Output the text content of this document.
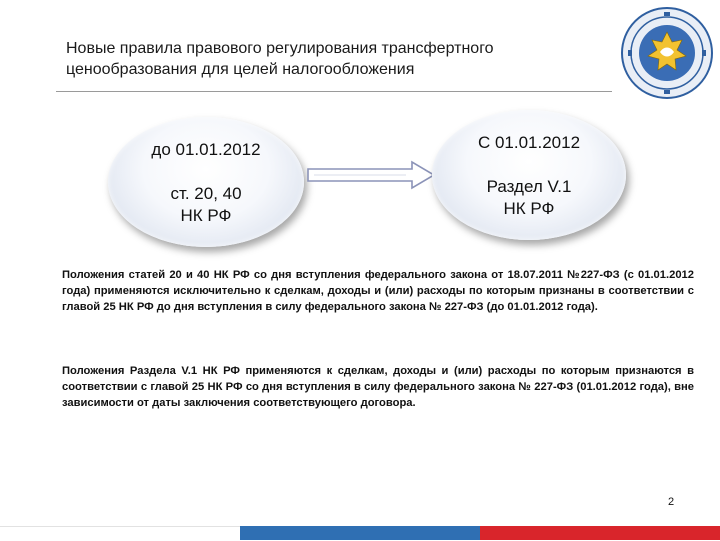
Новые правила правового регулирования трансфертного ценообразования для целей налогообложения
до 01.01.2012
ст. 20, 40
НК РФ
С 01.01.2012
Раздел V.1
НК РФ
Положения статей 20 и 40 НК РФ со дня вступления федерального закона от 18.07.2011 №227-ФЗ (с 01.01.2012 года) применяются исключительно к сделкам, доходы и (или) расходы по которым признаны в соответствии с главой 25 НК РФ до дня вступления в силу федерального закона № 227-ФЗ (до 01.01.2012 года).
Положения Раздела V.1 НК РФ применяются к сделкам, доходы и (или) расходы по которым признаются в соответствии с главой 25 НК РФ со дня вступления в силу федерального закона № 227-ФЗ (01.01.2012 года), вне зависимости от даты заключения соответствующего договора.
2
